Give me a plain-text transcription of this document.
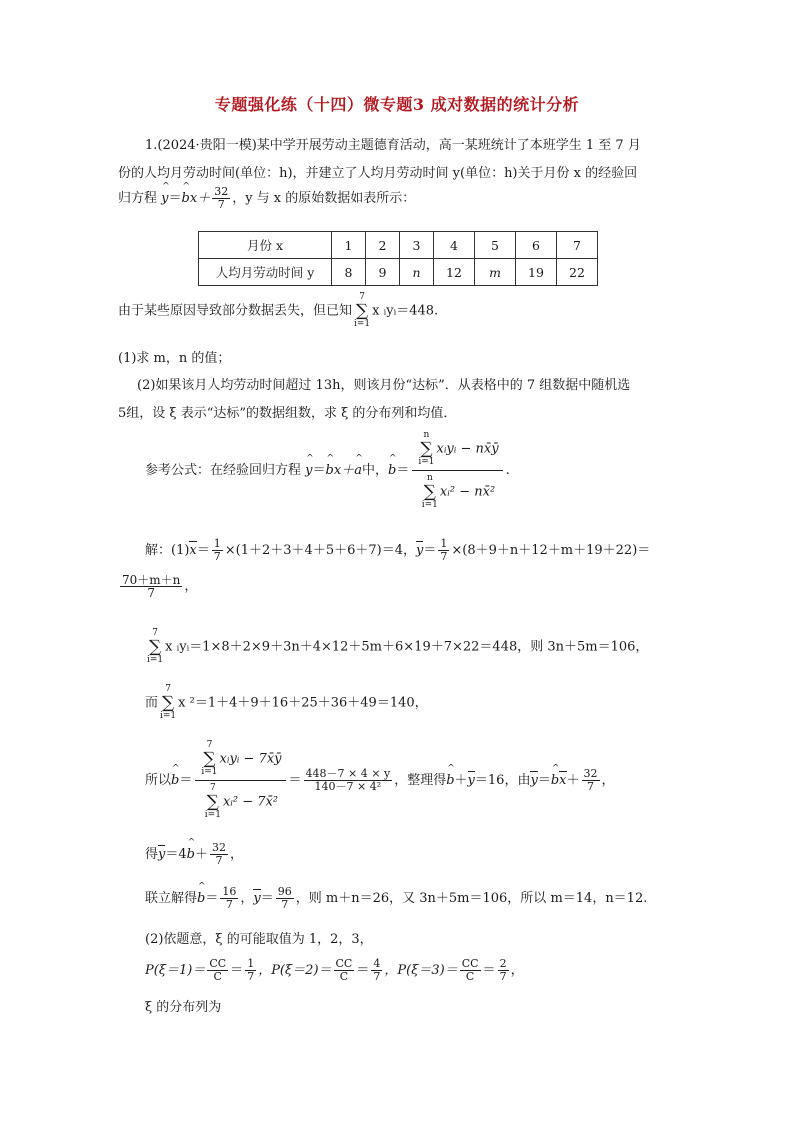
专题强化练（十四）微专题3 成对数据的统计分析
1.(2024·贵阳一模)某中学开展劳动主题德育活动，高一某班统计了本班学生 1 至 7 月
份的人均月劳动时间(单位：h)，并建立了人均月劳动时间 y(单位：h)关于月份 x 的经验回
归方程 ^ y＝^ $bx+ \frac{32}{7}$ ，y 与 x 的原始数据如表所示：
月份 x	1	2	3	4	5	6	7
人均月劳动时间 y	8	9	n	12	m	19	22
由于某些原因导致部分数据丢失，但已知
7
∑
i=1
x ᵢyᵢ＝448.
(1)求 m，n 的值；
(2)如果该月人均劳动时间超过 13h，则该月份“达标”．从表格中的 7 组数据中随机选
5组，设 ξ 表示“达标”的数据组数，求 ξ 的分布列和均值．
参考公式：在经验回归方程 ^ y＝^ bx＋^ a中，^ b＝
n
∑
i=1
xᵢyᵢ − nx̄ȳ
n
∑
i=1
xᵢ² − nx̄²
.
解：$(1)x= \frac{1}{7} \times(1+2+3+4+5+6+7)=4$，$y= \frac{1}{7} \times(8+9+n+12+m+19+22)=$
$\frac{70+m+n}{7}$ ，
7
∑
i=1
x ᵢyᵢ＝1×8＋2×9＋3n＋4×12＋5m＋6×19＋7×22＝448，则 3n＋5m＝106，
而
7
∑
i=1
x ²＝1＋4＋9＋16＋25＋36＋49＝140，
所以^ b＝
7
∑
i=1
xᵢyᵢ − 7x̄ȳ
7
∑
i=1
xᵢ² − 7x̄²
＝ $\frac{448-7 \times 4 \times y}{\text{140－7 × 4²}}$ ，整理得^ b＋y＝16，由y＝^ $bx+ \frac{32}{7}$ ，
得y＝4^ $b+ \frac{32}{7}$ ，
联立解得^ $b= \frac{16}{7}$ ，$y= \frac{96}{7}$ ，则 m＋n＝26，又 3n＋5m＝106，所以 m＝14，n＝12.
(2)依题意，ξ 的可能取值为 1，2，3，
$P(\xi=1)= \frac{CC}{C} = \frac{1}{7}$ ，$P(\xi=2)= \frac{CC}{C} = \frac{4}{7}$ ，$P(\xi=3)= \frac{CC}{C} = \frac{2}{7}$ ，
ξ 的分布列为
